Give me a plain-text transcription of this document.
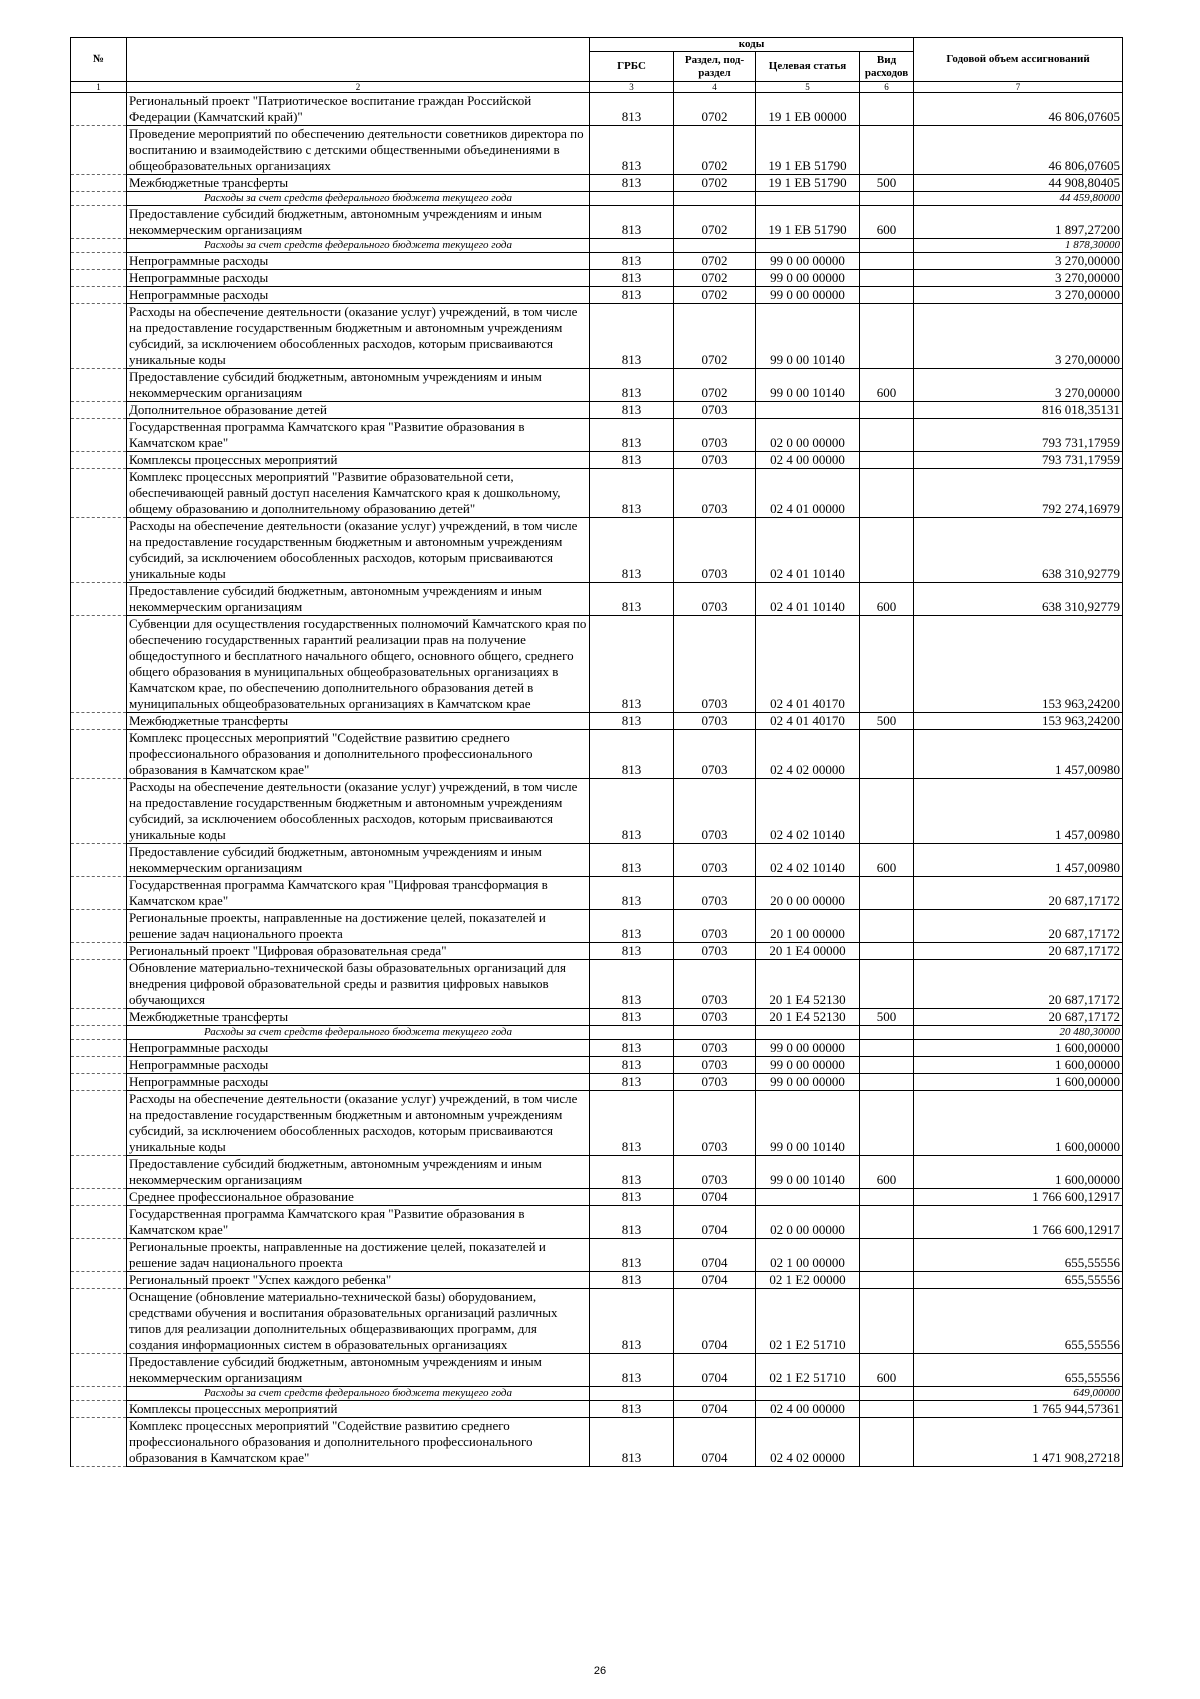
№		коды				Годовой объем ассигнований
		ГРБС	Раздел, под-раздел	Целевая статья	Вид расходов	
1	2	3	4	5	6	7
	Региональный проект "Патриотическое воспитание граждан Российской Федерации (Камчатский край)"	813	0702	19 1 EB 00000		46 806,07605
	Проведение мероприятий по обеспечению деятельности советников директора по воспитанию и взаимодействию с детскими общественными объединениями в общеобразовательных организациях	813	0702	19 1 EB 51790		46 806,07605
	Межбюджетные трансферты	813	0702	19 1 EB 51790	500	44 908,80405
	Расходы за счет средств федерального бюджета текущего года					44 459,80000
	Предоставление субсидий бюджетным, автономным учреждениям и иным некоммерческим организациям	813	0702	19 1 EB 51790	600	1 897,27200
	Расходы за счет средств федерального бюджета текущего года					1 878,30000
	Непрограммные расходы	813	0702	99 0 00 00000		3 270,00000
	Непрограммные расходы	813	0702	99 0 00 00000		3 270,00000
	Непрограммные расходы	813	0702	99 0 00 00000		3 270,00000
	Расходы на обеспечение деятельности (оказание услуг) учреждений, в том числе на предоставление государственным бюджетным и автономным учреждениям субсидий, за исключением обособленных расходов, которым присваиваются уникальные коды	813	0702	99 0 00 10140		3 270,00000
	Предоставление субсидий бюджетным, автономным учреждениям и иным некоммерческим организациям	813	0702	99 0 00 10140	600	3 270,00000
	Дополнительное образование детей	813	0703			816 018,35131
	Государственная программа Камчатского края "Развитие образования в Камчатском крае"	813	0703	02 0 00 00000		793 731,17959
	Комплексы процессных мероприятий	813	0703	02 4 00 00000		793 731,17959
	Комплекс процессных мероприятий "Развитие образовательной сети, обеспечивающей равный доступ населения Камчатского края к дошкольному, общему образованию и дополнительному образованию детей"	813	0703	02 4 01 00000		792 274,16979
	Расходы на обеспечение деятельности (оказание услуг) учреждений, в том числе на предоставление государственным бюджетным и автономным учреждениям субсидий, за исключением обособленных расходов, которым присваиваются уникальные коды	813	0703	02 4 01 10140		638 310,92779
	Предоставление субсидий бюджетным, автономным учреждениям и иным некоммерческим организациям	813	0703	02 4 01 10140	600	638 310,92779
	Субвенции для осуществления государственных полномочий Камчатского края по обеспечению государственных гарантий реализации прав на получение общедоступного и бесплатного начального общего, основного общего, среднего общего образования в муниципальных общеобразовательных организациях в Камчатском крае, по обеспечению дополнительного образования детей в муниципальных общеобразовательных организациях в Камчатском крае	813	0703	02 4 01 40170		153 963,24200
	Межбюджетные трансферты	813	0703	02 4 01 40170	500	153 963,24200
	Комплекс процессных мероприятий "Содействие развитию среднего профессионального образования и дополнительного профессионального образования в Камчатском крае"	813	0703	02 4 02 00000		1 457,00980
	Расходы на обеспечение деятельности (оказание услуг) учреждений, в том числе на предоставление государственным бюджетным и автономным учреждениям субсидий, за исключением обособленных расходов, которым присваиваются уникальные коды	813	0703	02 4 02 10140		1 457,00980
	Предоставление субсидий бюджетным, автономным учреждениям и иным некоммерческим организациям	813	0703	02 4 02 10140	600	1 457,00980
	Государственная программа Камчатского края "Цифровая трансформация в Камчатском крае"	813	0703	20 0 00 00000		20 687,17172
	Региональные проекты, направленные на достижение целей, показателей и решение задач национального проекта	813	0703	20 1 00 00000		20 687,17172
	Региональный проект "Цифровая образовательная среда"	813	0703	20 1 E4 00000		20 687,17172
	Обновление материально-технической базы образовательных организаций для внедрения цифровой образовательной среды и развития цифровых навыков обучающихся	813	0703	20 1 E4 52130		20 687,17172
	Межбюджетные трансферты	813	0703	20 1 E4 52130	500	20 687,17172
	Расходы за счет средств федерального бюджета текущего года					20 480,30000
	Непрограммные расходы	813	0703	99 0 00 00000		1 600,00000
	Непрограммные расходы	813	0703	99 0 00 00000		1 600,00000
	Непрограммные расходы	813	0703	99 0 00 00000		1 600,00000
	Расходы на обеспечение деятельности (оказание услуг) учреждений, в том числе на предоставление государственным бюджетным и автономным учреждениям субсидий, за исключением обособленных расходов, которым присваиваются уникальные коды	813	0703	99 0 00 10140		1 600,00000
	Предоставление субсидий бюджетным, автономным учреждениям и иным некоммерческим организациям	813	0703	99 0 00 10140	600	1 600,00000
	Среднее профессиональное образование	813	0704			1 766 600,12917
	Государственная программа Камчатского края "Развитие образования в Камчатском крае"	813	0704	02 0 00 00000		1 766 600,12917
	Региональные проекты, направленные на достижение целей, показателей и решение задач национального проекта	813	0704	02 1 00 00000		655,55556
	Региональный проект "Успех каждого ребенка"	813	0704	02 1 E2 00000		655,55556
	Оснащение (обновление материально-технической базы) оборудованием, средствами обучения и воспитания образовательных организаций различных типов для реализации дополнительных общеразвивающих программ, для создания информационных систем в образовательных организациях	813	0704	02 1 E2 51710		655,55556
	Предоставление субсидий бюджетным, автономным учреждениям и иным некоммерческим организациям	813	0704	02 1 E2 51710	600	655,55556
	Расходы за счет средств федерального бюджета текущего года					649,00000
	Комплексы процессных мероприятий	813	0704	02 4 00 00000		1 765 944,57361
	Комплекс процессных мероприятий "Содействие развитию среднего профессионального образования и дополнительного профессионального образования в Камчатском крае"	813	0704	02 4 02 00000		1 471 908,27218
26
